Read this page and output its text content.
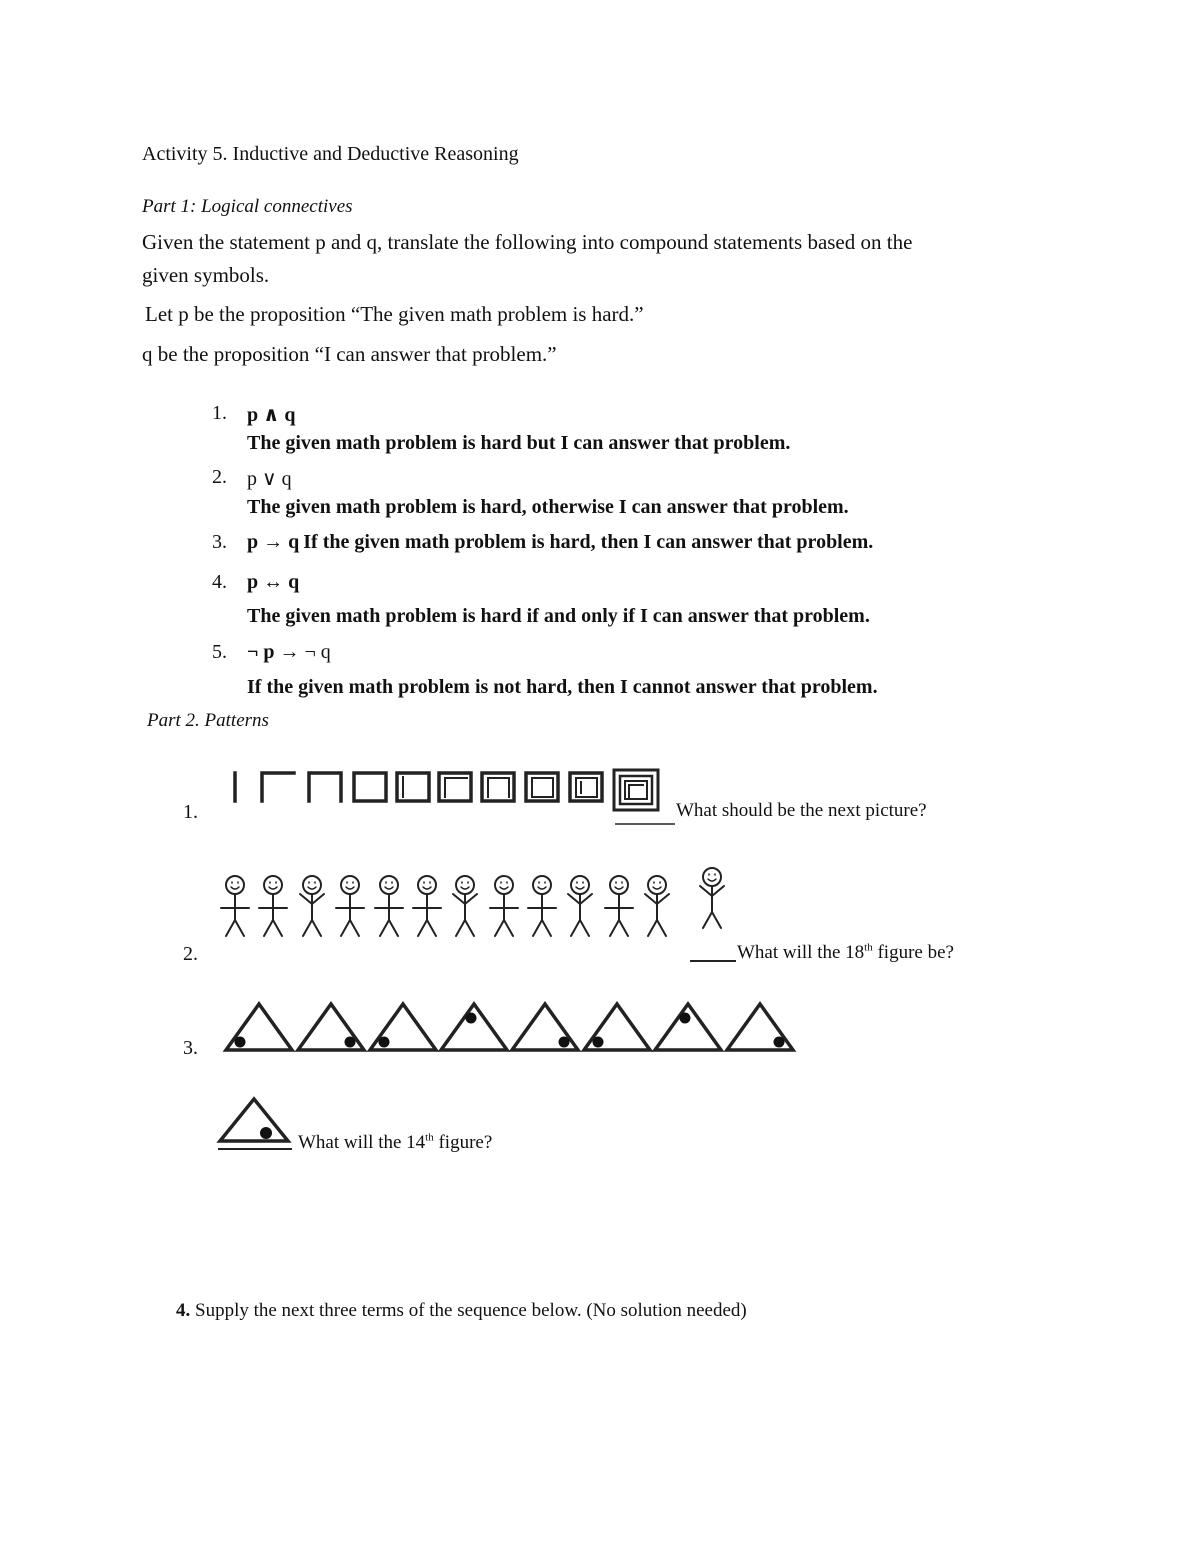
Activity 5. Inductive and Deductive Reasoning
Part 1: Logical connectives
Given the statement p and q, translate the following into compound statements based on the
given symbols.
Let p be the proposition “The given math problem is hard.”
q be the proposition “I can answer that problem.”
1. p ∧ q
The given math problem is hard but I can answer that problem.
2. p ∨ q
The given math problem is hard, otherwise I can answer that problem.
3. p → q If the given math problem is hard, then I can answer that problem.
4. p ↔ q
The given math problem is hard if and only if I can answer that problem.
5. ¬ p → ¬ q
If the given math problem is not hard, then I cannot answer that problem.
Part 2. Patterns
1.	What should be the next picture?
2.	What will the 18th figure be?
3.
What will the 14th figure?
4. Supply the next three terms of the sequence below. (No solution needed)
